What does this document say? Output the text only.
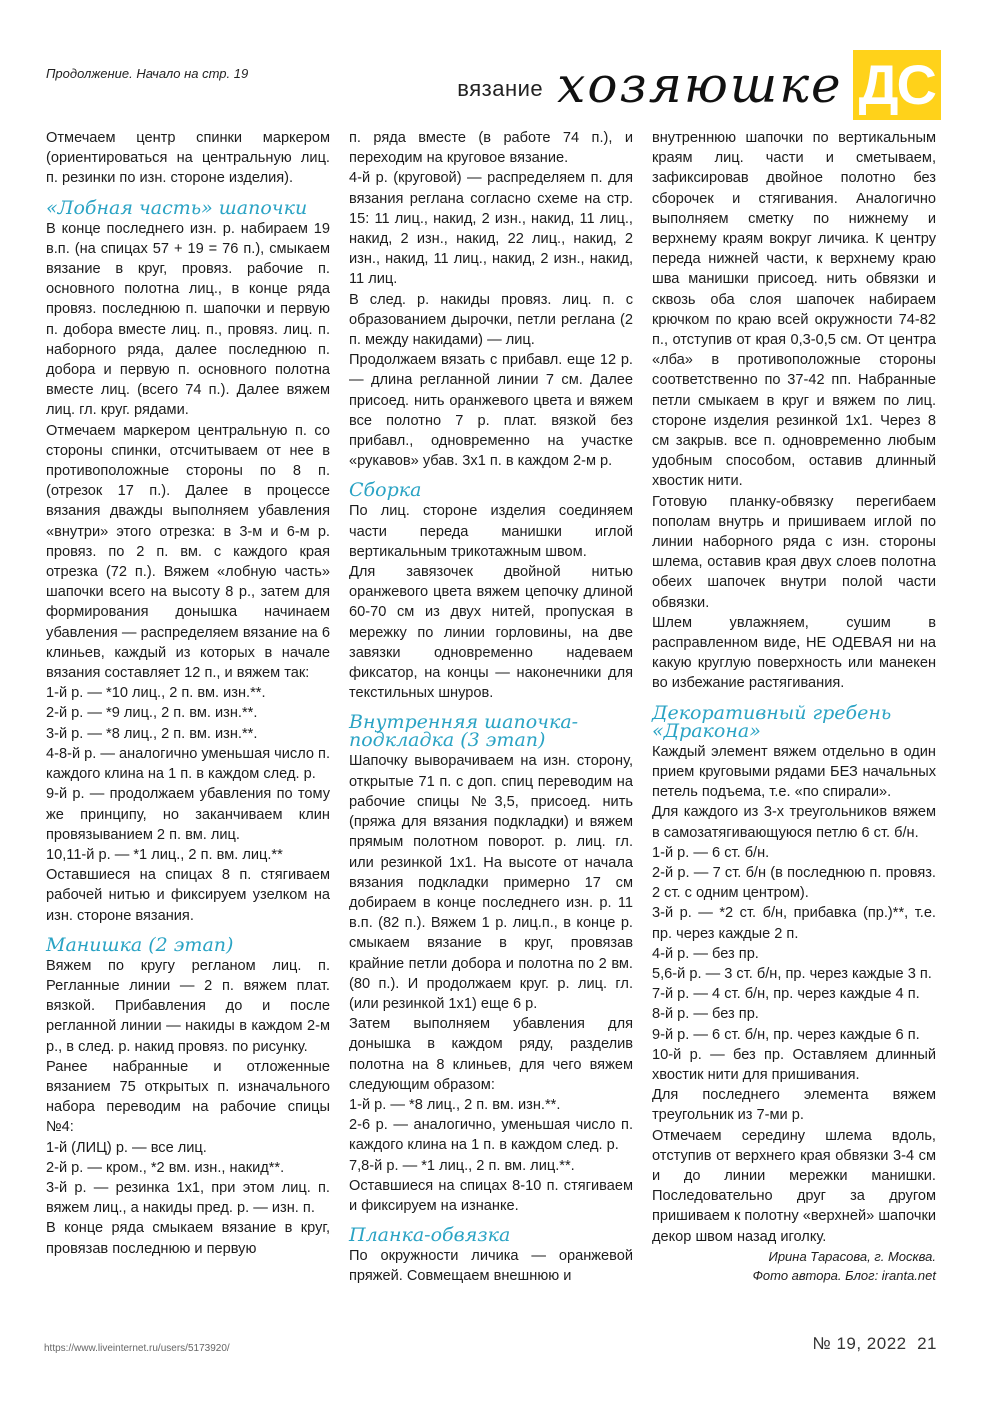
Продолжение. Начало на стр. 19
вязание хозяюшке ДС

Отмечаем центр спинки маркером (ориентироваться на центральную лиц. п. резинки по изн. стороне изделия).

«Лобная часть» шапочки

В конце последнего изн. р. набираем 19 в.п. (на спицах 57 + 19 = 76 п.), смыкаем вязание в круг, провяз. рабочие п. основного полотна лиц., в конце ряда провяз. последнюю п. шапочки и первую п. добора вместе лиц. п., провяз. лиц. п. наборного ряда, далее последнюю п. добора и первую п. основного полотна вместе лиц. (всего 74 п.). Далее вяжем лиц. гл. круг. рядами.

Отмечаем маркером центральную п. со стороны спинки, отсчитываем от нее в противоположные стороны по 8 п. (отрезок 17 п.). Далее в процессе вязания дважды выполняем убавления «внутри» этого отрезка: в 3-м и 6-м р. провяз. по 2 п. вм. с каждого края отрезка (72 п.). Вяжем «лобную часть» шапочки всего на высоту 8 р., затем для формирования донышка начинаем убавления — распределяем вязание на 6 клиньев, каждый из которых в начале вязания составляет 12 п., и вяжем так:

1-й р. — *10 лиц., 2 п. вм. изн.**.

2-й р. — *9 лиц., 2 п. вм. изн.**.

3-й р. — *8 лиц., 2 п. вм. изн.**.

4-8-й р. — аналогично уменьшая число п. каждого клина на 1 п. в каждом след. р.

9-й р. — продолжаем убавления по тому же принципу, но заканчиваем клин провязыванием 2 п. вм. лиц.

10,11-й р. — *1 лиц., 2 п. вм. лиц.**

Оставшиеся на спицах 8 п. стягиваем рабочей нитью и фиксируем узелком на изн. стороне вязания.

Манишка (2 этап)

Вяжем по кругу регланом лиц. п. Регланные линии — 2 п. вяжем плат. вязкой. Прибавления до и после регланной линии — накиды в каждом 2-м р., в след. р. накид провяз. по рисунку.

Ранее набранные и отложенные вязанием 75 открытых п. изначального набора переводим на рабочие спицы №4:

1-й (ЛИЦ) р. — все лиц.

2-й р. — кром., *2 вм. изн., накид**.

3-й р. — резинка 1х1, при этом лиц. п. вяжем лиц., а накиды пред. р. — изн. п.

В конце ряда смыкаем вязание в круг, провязав последнюю и первую

п. ряда вместе (в работе 74 п.), и переходим на круговое вязание.

4-й р. (круговой) — распределяем п. для вязания реглана согласно схеме на стр. 15: 11 лиц., накид, 2 изн., накид, 11 лиц., накид, 2 изн., накид, 22 лиц., накид, 2 изн., накид, 11 лиц., накид, 2 изн., накид, 11 лиц.

В след. р. накиды провяз. лиц. п. с образованием дырочки, петли реглана (2 п. между накидами) — лиц.

Продолжаем вязать с прибавл. еще 12 р. — длина регланной линии 7 см. Далее присоед. нить оранжевого цвета и вяжем все полотно 7 р. плат. вязкой без прибавл., одновременно на участке «рукавов» убав. 3х1 п. в каждом 2-м р.

Сборка

По лиц. стороне изделия соединяем части переда манишки иглой вертикальным трикотажным швом.

Для завязочек двойной нитью оранжевого цвета вяжем цепочку длиной 60-70 см из двух нитей, пропуская в мережку по линии горловины, на две завязки одновременно надеваем фиксатор, на концы — наконечники для текстильных шнуров.

Внутренняя шапочка-подкладка (3 этап)

Шапочку выворачиваем на изн. сторону, открытые 71 п. с доп. спиц переводим на рабочие спицы №3,5, присоед. нить (пряжа для вязания подкладки) и вяжем прямым полотном поворот. р. лиц. гл. или резинкой 1х1. На высоте от начала вязания подкладки примерно 17 см добираем в конце последнего изн. р. 11 в.п. (82 п.). Вяжем 1 р. лиц.п., в конце р. смыкаем вязание в круг, провязав крайние петли добора и полотна по 2 вм. (80 п.). И продолжаем круг. р. лиц. гл. (или резинкой 1х1) еще 6 р.

Затем выполняем убавления для донышка в каждом ряду, разделив полотна на 8 клиньев, для чего вяжем следующим образом:

1-й р. — *8 лиц., 2 п. вм. изн.**.

2-6 р. — аналогично, уменьшая число п. каждого клина на 1 п. в каждом след. р.

7,8-й р. — *1 лиц., 2 п. вм. лиц.**.

Оставшиеся на спицах 8-10 п. стягиваем и фиксируем на изнанке.

Планка-обвязка

По окружности личика — оранжевой пряжей. Совмещаем внешнюю и

внутреннюю шапочки по вертикальным краям лиц. части и сметываем, зафиксировав двойное полотно без сборочек и стягивания. Аналогично выполняем сметку по нижнему и верхнему краям вокруг личика. К центру переда нижней части, к верхнему краю шва манишки присоед. нить обвязки и сквозь оба слоя шапочек набираем крючком по краю всей окружности 74-82 п., отступив от края 0,3-0,5 см. От центра «лба» в противоположные стороны соответственно по 37-42 пп. Набранные петли смыкаем в круг и вяжем по лиц. стороне изделия резинкой 1х1. Через 8 см закрыв. все п. одновременно любым удобным способом, оставив длинный хвостик нити.

Готовую планку-обвязку перегибаем пополам внутрь и пришиваем иглой по линии наборного ряда с изн. стороны шлема, оставив края двух слоев полотна обеих шапочек внутри полой части обвязки.

Шлем увлажняем, сушим в расправленном виде, НЕ ОДЕВАЯ ни на какую круглую поверхность или манекен во избежание растягивания.

Декоративный гребень «Дракона»

Каждый элемент вяжем отдельно в один прием круговыми рядами БЕЗ начальных петель подъема, т.е. «по спирали».

Для каждого из 3-х треугольников вяжем в самозатягивающуюся петлю 6 ст. б/н.

1-й р. — 6 ст. б/н.

2-й р. — 7 ст. б/н (в последнюю п. провяз. 2 ст. с одним центром).

3-й р. — *2 ст. б/н, прибавка (пр.)**, т.е. пр. через каждые 2 п.

4-й р. — без пр.

5,6-й р. — 3 ст. б/н, пр. через каждые 3 п.

7-й р. — 4 ст. б/н, пр. через каждые 4 п.

8-й р. — без пр.

9-й р. — 6 ст. б/н, пр. через каждые 6 п.

10-й р. — без пр. Оставляем длинный хвостик нити для пришивания.

Для последнего элемента вяжем треугольник из 7-ми р.

Отмечаем середину шлема вдоль, отступив от верхнего края обвязки 3-4 см и до линии мережки манишки. Последовательно друг за другом пришиваем к полотну «верхней» шапочки декор швом назад иголку.

Ирина Тарасова, г. Москва.

Фото автора. Блог: iranta.net

https://www.liveinternet.ru/users/5173920/	№ 19, 2022 21
